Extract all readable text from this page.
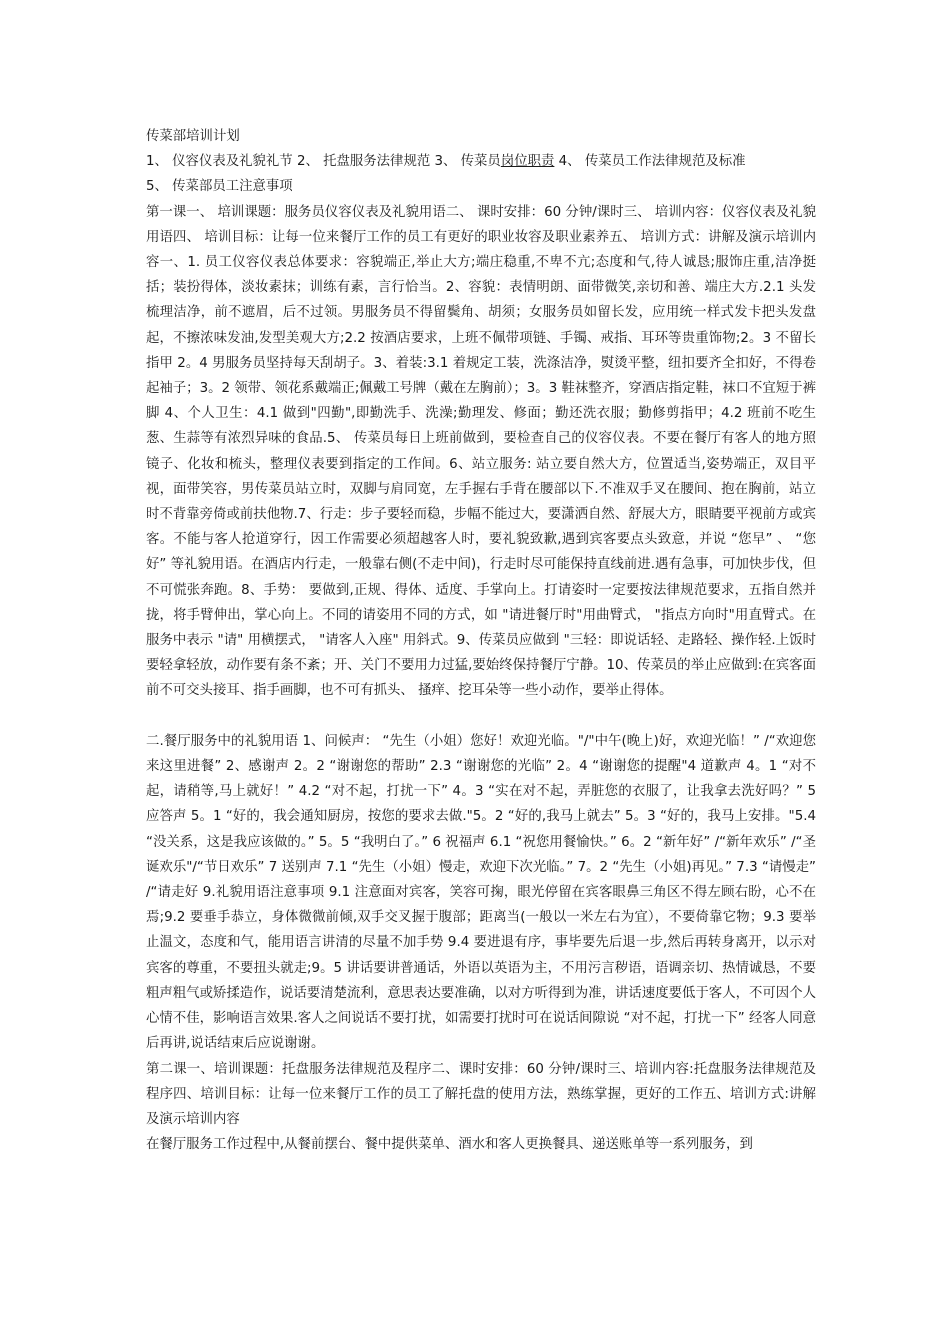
传菜部培训计划

1、 仪容仪表及礼貌礼节 2、 托盘服务法律规范 3、 传菜员岗位职责 4、 传菜员工作法律规范及标准

5、 传菜部员工注意事项

第一课一、 培训课题：服务员仪容仪表及礼貌用语二、 课时安排：60 分钟/课时三、 培训内容：仪容仪表及礼貌用语四、 培训目标：让每一位来餐厅工作的员工有更好的职业妆容及职业素养五、 培训方式：讲解及演示培训内容一、1. 员工仪容仪表总体要求：容貌端正,举止大方;端庄稳重,不卑不亢;态度和气,待人诚恳;服饰庄重,洁净挺括；装扮得体，淡妆素抹；训练有素，言行恰当。2、容貌：表情明朗、面带微笑,亲切和善、端庄大方.2.1 头发梳理洁净，前不遮眉，后不过领。男服务员不得留鬓角、胡须；女服务员如留长发，应用统一样式发卡把头发盘起，不擦浓味发油,发型美观大方;2.2 按酒店要求，上班不佩带项链、手镯、戒指、耳环等贵重饰物;2。3 不留长指甲 2。4 男服务员坚持每天刮胡子。3、着装:3.1 着规定工装，洗涤洁净，熨烫平整，纽扣要齐全扣好，不得卷起袖子；3。2 领带、领花系戴端正;佩戴工号牌（戴在左胸前）；3。3 鞋袜整齐，穿酒店指定鞋，袜口不宜短于裤脚 4、个人卫生：4.1 做到"四勤",即勤洗手、洗澡;勤理发、修面；勤还洗衣服；勤修剪指甲；4.2 班前不吃生葱、生蒜等有浓烈异味的食品.5、 传菜员每日上班前做到，要检查自己的仪容仪表。不要在餐厅有客人的地方照镜子、化妆和梳头，整理仪表要到指定的工作间。6、站立服务: 站立要自然大方，位置适当,姿势端正，双目平视，面带笑容，男传菜员站立时，双脚与肩同宽，左手握右手背在腰部以下.不准双手叉在腰间、抱在胸前，站立时不背靠旁倚或前扶他物.7、行走：步子要轻而稳，步幅不能过大，要潇洒自然、舒展大方，眼睛要平视前方或宾客。不能与客人抢道穿行，因工作需要必须超越客人时，要礼貌致歉,遇到宾客要点头致意，并说 “您早” 、 “您好” 等礼貌用语。在酒店内行走，一般靠右侧(不走中间)，行走时尽可能保持直线前进.遇有急事，可加快步伐，但不可慌张奔跑。8、手势： 要做到,正规、得体、适度、手掌向上。打请姿时一定要按法律规范要求，五指自然并拢，将手臂伸出，掌心向上。不同的请姿用不同的方式，如 "请进餐厅时"用曲臂式， "指点方向时"用直臂式。在服务中表示 "请" 用横摆式， "请客人入座" 用斜式。9、传菜员应做到 "三轻：即说话轻、走路轻、操作轻.上饭时要轻拿轻放，动作要有条不紊；开、关门不要用力过猛,要始终保持餐厅宁静。10、传菜员的举止应做到:在宾客面前不可交头接耳、指手画脚，也不可有抓头、 搔痒、挖耳朵等一些小动作，要举止得体。

二.餐厅服务中的礼貌用语 1、问候声： “先生（小姐）您好！欢迎光临。"/"中午(晚上)好，欢迎光临！” /“欢迎您来这里进餐” 2、感谢声 2。2 “谢谢您的帮助” 2.3 “谢谢您的光临” 2。4 “谢谢您的提醒"4 道歉声 4。1 “对不起，请稍等,马上就好！” 4.2 “对不起，打扰一下” 4。3 “实在对不起，弄脏您的衣服了，让我拿去洗好吗？” 5 应答声 5。1 “好的，我会通知厨房，按您的要求去做."5。2 “好的,我马上就去” 5。3 “好的，我马上安排。"5.4 “没关系，这是我应该做的。” 5。5 “我明白了。” 6 祝福声 6.1 “祝您用餐愉快。” 6。2 “新年好” /“新年欢乐” /“圣诞欢乐"/“节日欢乐” 7 送别声 7.1 “先生（小姐）慢走，欢迎下次光临。” 7。2 “先生（小姐)再见。” 7.3 “请慢走” /“请走好 9.礼貌用语注意事项 9.1 注意面对宾客，笑容可掬，眼光停留在宾客眼鼻三角区不得左顾右盼，心不在焉;9.2 要垂手恭立，身体微微前倾,双手交叉握于腹部；距离当(一般以一米左右为宜），不要倚靠它物；9.3 要举止温文，态度和气，能用语言讲清的尽量不加手势 9.4 要进退有序，事毕要先后退一步,然后再转身离开，以示对宾客的尊重，不要扭头就走;9。5 讲话要讲普通话，外语以英语为主，不用污言秽语，语调亲切、热情诚恳，不要粗声粗气或矫揉造作，说话要清楚流利，意思表达要准确，以对方听得到为准，讲话速度要低于客人，不可因个人心情不佳，影响语言效果.客人之间说话不要打扰，如需要打扰时可在说话间隙说 “对不起，打扰一下” 经客人同意后再讲,说话结束后应说谢谢。

第二课一、培训课题：托盘服务法律规范及程序二、课时安排：60 分钟/课时三、培训内容:托盘服务法律规范及程序四、培训目标：让每一位来餐厅工作的员工了解托盘的使用方法，熟练掌握，更好的工作五、培训方式:讲解及演示培训内容

在餐厅服务工作过程中,从餐前摆台、餐中提供菜单、酒水和客人更换餐具、递送账单等一系列服务，到
